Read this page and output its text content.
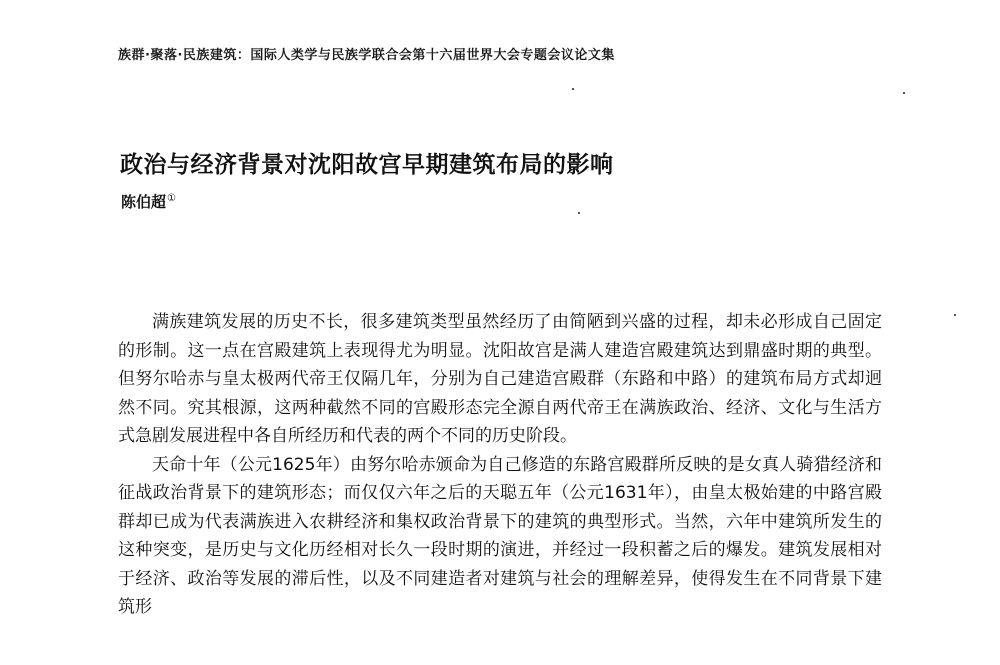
族群·聚落·民族建筑：国际人类学与民族学联合会第十六届世界大会专题会议论文集
政治与经济背景对沈阳故宫早期建筑布局的影响
陈伯超①

满族建筑发展的历史不长，很多建筑类型虽然经历了由简陋到兴盛的过程，却未必形成自己固定的形制。这一点在宫殿建筑上表现得尤为明显。沈阳故宫是满人建造宫殿建筑达到鼎盛时期的典型。但努尔哈赤与皇太极两代帝王仅隔几年，分别为自己建造宫殿群（东路和中路）的建筑布局方式却迥然不同。究其根源，这两种截然不同的宫殿形态完全源自两代帝王在满族政治、经济、文化与生活方式急剧发展进程中各自所经历和代表的两个不同的历史阶段。

天命十年（公元1625年）由努尔哈赤颁命为自己修造的东路宫殿群所反映的是女真人骑猎经济和征战政治背景下的建筑形态；而仅仅六年之后的天聪五年（公元1631年），由皇太极始建的中路宫殿群却已成为代表满族进入农耕经济和集权政治背景下的建筑的典型形式。当然，六年中建筑所发生的这种突变，是历史与文化历经相对长久一段时期的演进，并经过一段积蓄之后的爆发。建筑发展相对于经济、政治等发展的滞后性，以及不同建造者对建筑与社会的理解差异，使得发生在不同背景下建筑形
